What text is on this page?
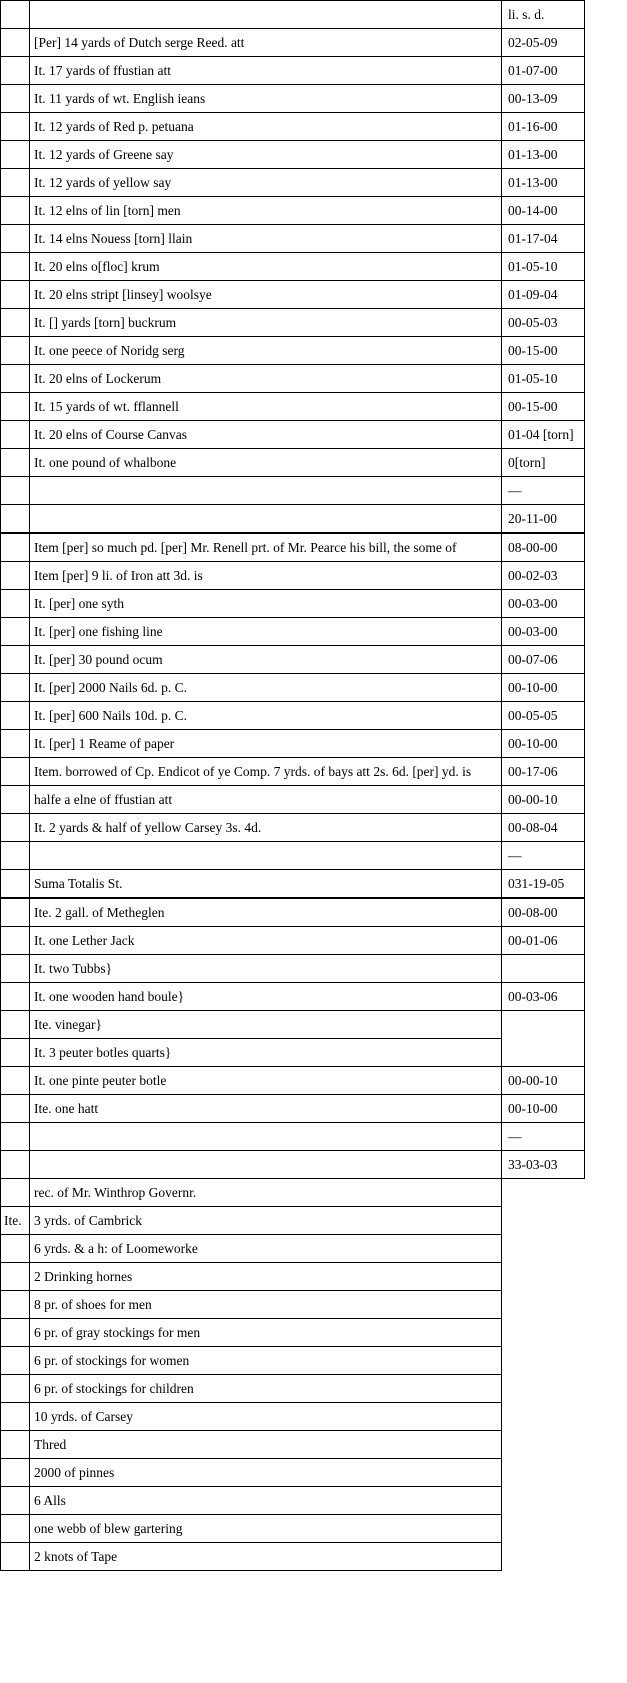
		li. s. d.
	[Per] 14 yards of Dutch serge Reed. att	02-05-09
	It. 17 yards of ffustian att	01-07-00
	It. 11 yards of wt. English ieans	00-13-09
	It. 12 yards of Red p. petuana	01-16-00
	It. 12 yards of Greene say	01-13-00
	It. 12 yards of yellow say	01-13-00
	It. 12 elns of lin [torn] men	00-14-00
	It. 14 elns Nouess [torn] llain	01-17-04
	It. 20 elns o[floc] krum	01-05-10
	It. 20 elns stript [linsey] woolsye	01-09-04
	It. [] yards [torn] buckrum	00-05-03
	It. one peece of Noridg serg	00-15-00
	It. 20 elns of Lockerum	01-05-10
	It. 15 yards of wt. fflannell	00-15-00
	It. 20 elns of Course Canvas	01-04 [torn]
	It. one pound of whalbone	0[torn]
		—
		20-11-00
	Item [per] so much pd. [per] Mr. Renell prt. of Mr. Pearce his bill, the some of	08-00-00
	Item [per] 9 li. of Iron att 3d. is	00-02-03
	It. [per] one syth	00-03-00
	It. [per] one fishing line	00-03-00
	It. [per] 30 pound ocum	00-07-06
	It. [per] 2000 Nails 6d. p. C.	00-10-00
	It. [per] 600 Nails 10d. p. C.	00-05-05
	It. [per] 1 Reame of paper	00-10-00
	Item. borrowed of Cp. Endicot of ye Comp. 7 yrds. of bays att 2s. 6d. [per] yd. is	00-17-06
	halfe a elne of ffustian att	00-00-10
	It. 2 yards & half of yellow Carsey 3s. 4d.	00-08-04
		—
	Suma Totalis St.	031-19-05
	Ite. 2 gall. of Metheglen	00-08-00
	It. one Lether Jack	00-01-06
	It. two Tubbs}	
	It. one wooden hand boule}	00-03-06
	Ite. vinegar}	
	It. 3 peuter botles quarts}	
	It. one pinte peuter botle	00-00-10
	Ite. one hatt	00-10-00
		—
		33-03-03
	rec. of Mr. Winthrop Governr.	
Ite.	3 yrds. of Cambrick	
	6 yrds. & a h: of Loomeworke	
	2 Drinking hornes	
	8 pr. of shoes for men	
	6 pr. of gray stockings for men	
	6 pr. of stockings for women	
	6 pr. of stockings for children	
	10 yrds. of Carsey	
	Thred	
	2000 of pinnes	
	6 Alls	
	one webb of blew gartering	
	2 knots of Tape	
